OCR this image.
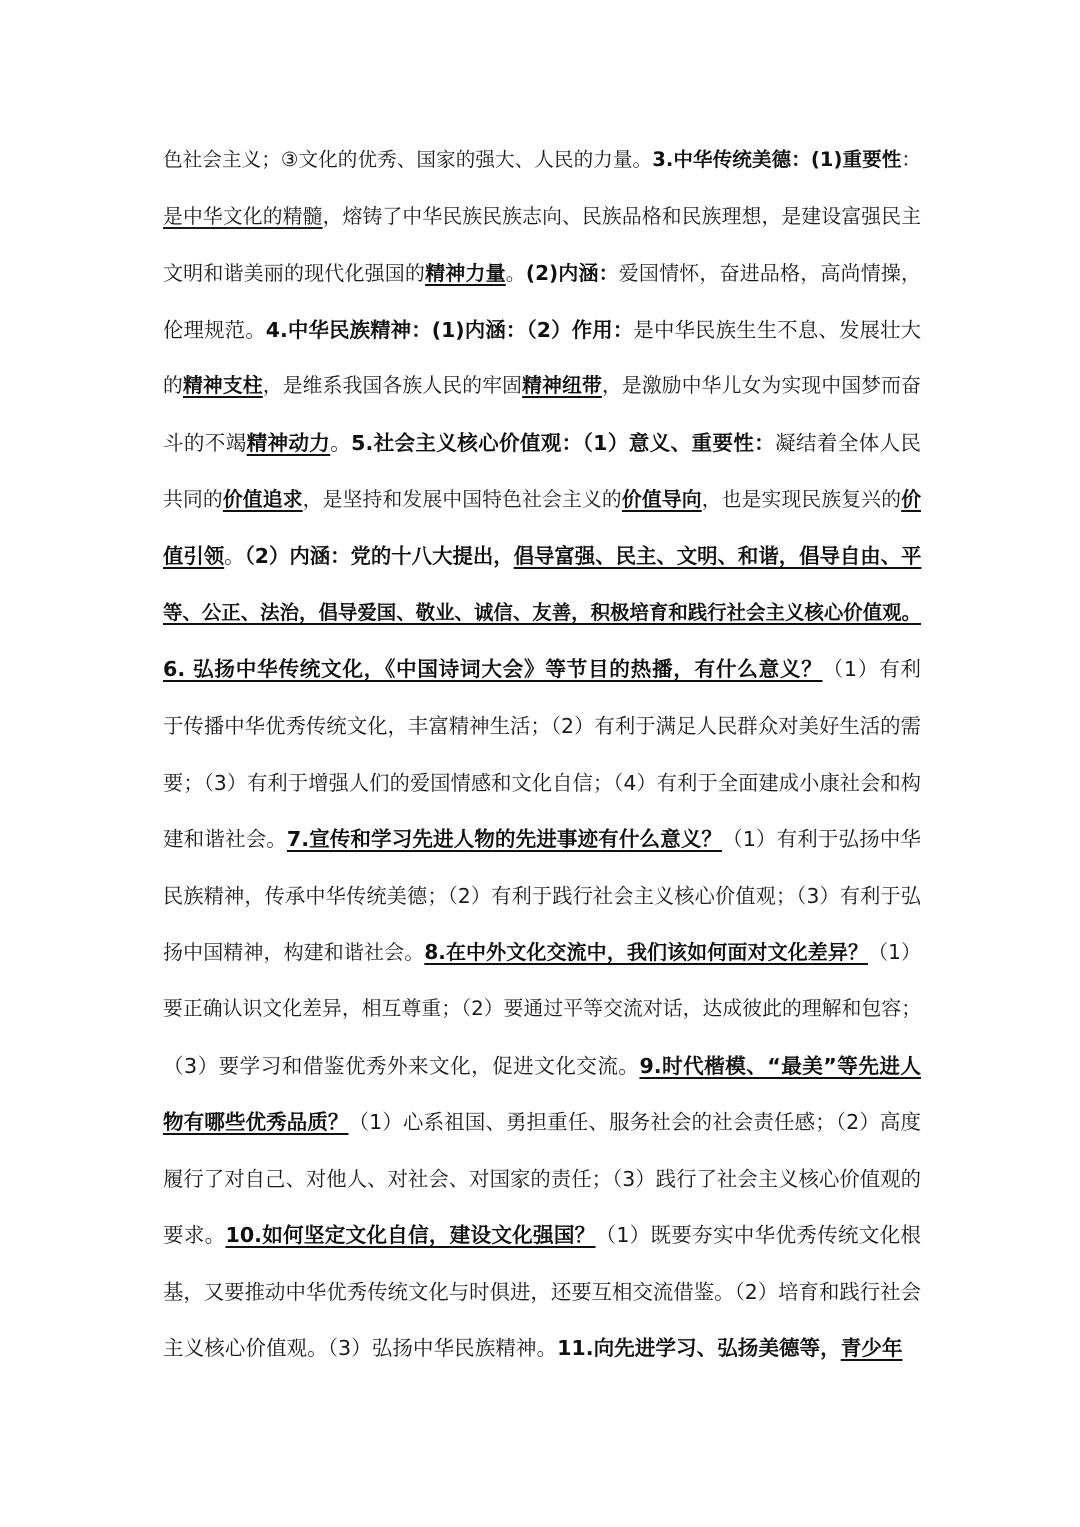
色社会主义；③文化的优秀、国家的强大、人民的力量。3.中华传统美德：(1)重要性：
是中华文化的精髓，熔铸了中华民族民族志向、民族品格和民族理想，是建设富强民主
文明和谐美丽的现代化强国的精神力量。(2)内涵：爱国情怀，奋进品格，高尚情操，
伦理规范。4.中华民族精神：(1)内涵：（2）作用：是中华民族生生不息、发展壮大
的精神支柱，是维系我国各族人民的牢固精神纽带，是激励中华儿女为实现中国梦而奋
斗的不竭精神动力。5.社会主义核心价值观：（1）意义、重要性：凝结着全体人民
共同的价值追求，是坚持和发展中国特色社会主义的价值导向，也是实现民族复兴的价
值引领。（2）内涵：党的十八大提出，倡导富强、民主、文明、和谐，倡导自由、平
等、公正、法治，倡导爱国、敬业、诚信、友善，积极培育和践行社会主义核心价值观。
6. 弘扬中华传统文化，《中国诗词大会》等节目的热播，有什么意义？（1）有利
于传播中华优秀传统文化，丰富精神生活；（2）有利于满足人民群众对美好生活的需
要；（3）有利于增强人们的爱国情感和文化自信；（4）有利于全面建成小康社会和构
建和谐社会。7.宣传和学习先进人物的先进事迹有什么意义？（1）有利于弘扬中华
民族精神，传承中华传统美德；（2）有利于践行社会主义核心价值观；（3）有利于弘
扬中国精神，构建和谐社会。8.在中外文化交流中，我们该如何面对文化差异？（1）
要正确认识文化差异，相互尊重；（2）要通过平等交流对话，达成彼此的理解和包容；
（3）要学习和借鉴优秀外来文化，促进文化交流。9.时代楷模、“最美”等先进人
物有哪些优秀品质？（1）心系祖国、勇担重任、服务社会的社会责任感；（2）高度
履行了对自己、对他人、对社会、对国家的责任；（3）践行了社会主义核心价值观的
要求。10.如何坚定文化自信，建设文化强国？（1）既要夯实中华优秀传统文化根
基，又要推动中华优秀传统文化与时俱进，还要互相交流借鉴。（2）培育和践行社会
主义核心价值观。（3）弘扬中华民族精神。11.向先进学习、弘扬美德等，青少年
